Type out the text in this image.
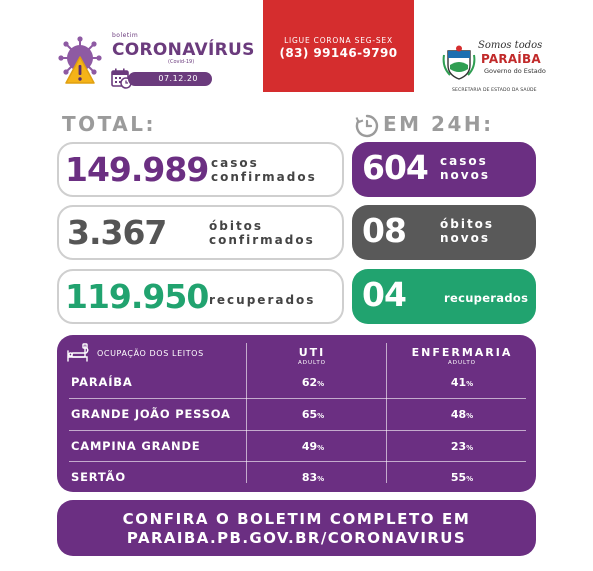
boletim
CORONAVÍRUS
(Covid-19)
07.12.20
LIGUE CORONA SEG-SEX
(83) 99146-9790
Somos todos
PARAÍBA
Governo do Estado
SECRETARIA DE ESTADO DA SAÚDE
TOTAL:	EM 24H:
149.989 casos
confirmados
3.367	óbitos
confirmados
119.950 recuperados
604 casos
novos
08	óbitos
novos
04	recuperados
OCUPAÇÃO DOS LEITOS	UTI
ADULTO
ENFERMARIA
ADULTO
PARAÍBA	62%	41%
GRANDE JOÃO PESSOA	65%	48%
CAMPINA GRANDE	49%	23%
SERTÃO	83%	55%
CONFIRA O BOLETIM COMPLETO EM
PARAIBA.PB.GOV.BR/CORONAVIRUS
